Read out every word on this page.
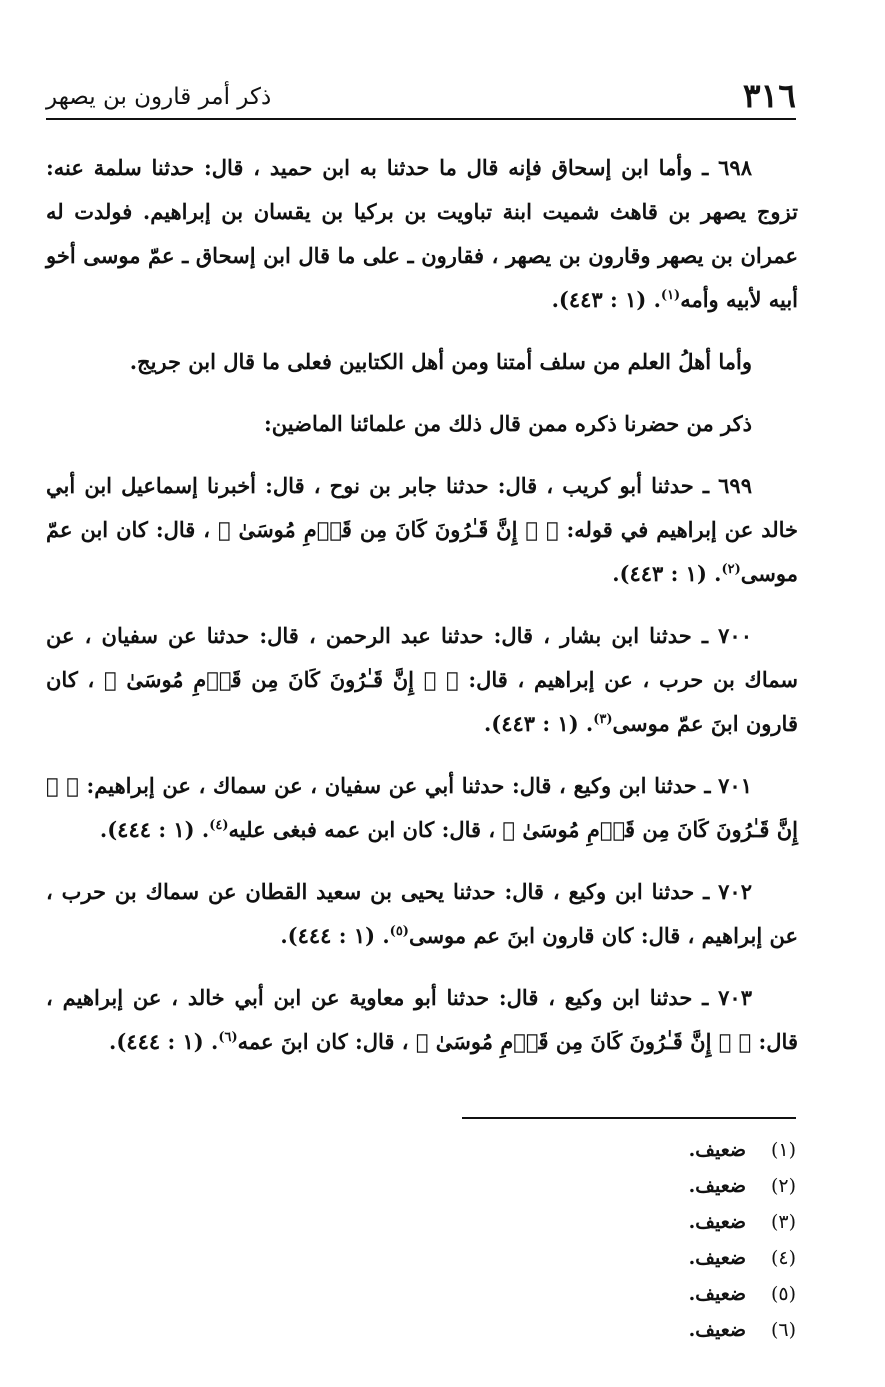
٣١٦
ذكر أمر قارون بن يصهر

٦٩٨ ـ وأما ابن إسحاق فإنه قال ما حدثنا به ابن حميد ، قال: حدثنا سلمة عنه: تزوج يصهر بن قاهث شميت ابنة تباويت بن بركيا بن يقسان بن إبراهيم. فولدت له عمران بن يصهر وقارون بن يصهر ، فقارون ـ على ما قال ابن إسحاق ـ عمّ موسى أخو أبيه لأبيه وأمه$^{(١)}$. (١ : ٤٤٣).

وأما أهلُ العلم من سلف أمتنا ومن أهل الكتابين فعلى ما قال ابن جريج.

ذكر من حضرنا ذكره ممن قال ذلك من علمائنا الماضين:

٦٩٩ ـ حدثنا أبو كريب ، قال: حدثنا جابر بن نوح ، قال: أخبرنا إسماعيل ابن أبي خالد عن إبراهيم في قوله: ﴿ ۞ إِنَّ قَـٰرُونَ كَانَ مِن قَوۡمِ مُوسَىٰ ﴾ ، قال: كان ابن عمّ موسى$^{(٢)}$. (١ : ٤٤٣).

٧٠٠ ـ حدثنا ابن بشار ، قال: حدثنا عبد الرحمن ، قال: حدثنا عن سفيان ، عن سماك بن حرب ، عن إبراهيم ، قال: ﴿ ۞ إِنَّ قَـٰرُونَ كَانَ مِن قَوۡمِ مُوسَىٰ ﴾ ، كان قارون ابنَ عمّ موسى$^{(٣)}$. (١ : ٤٤٣).

٧٠١ ـ حدثنا ابن وكيع ، قال: حدثنا أبي عن سفيان ، عن سماك ، عن إبراهيم: ﴿ ۞ إِنَّ قَـٰرُونَ كَانَ مِن قَوۡمِ مُوسَىٰ ﴾ ، قال: كان ابن عمه فبغى عليه$^{(٤)}$. (١ : ٤٤٤).

٧٠٢ ـ حدثنا ابن وكيع ، قال: حدثنا يحيى بن سعيد القطان عن سماك بن حرب ، عن إبراهيم ، قال: كان قارون ابنَ عم موسى$^{(٥)}$. (١ : ٤٤٤).

٧٠٣ ـ حدثنا ابن وكيع ، قال: حدثنا أبو معاوية عن ابن أبي خالد ، عن إبراهيم ، قال: ﴿ ۞ إِنَّ قَـٰرُونَ كَانَ مِن قَوۡمِ مُوسَىٰ ﴾ ، قال: كان ابنَ عمه$^{(٦)}$. (١ : ٤٤٤).

(١)
ضعيف.
(٢)
ضعيف.
(٣)
ضعيف.
(٤)
ضعيف.
(٥)
ضعيف.
(٦)
ضعيف.
